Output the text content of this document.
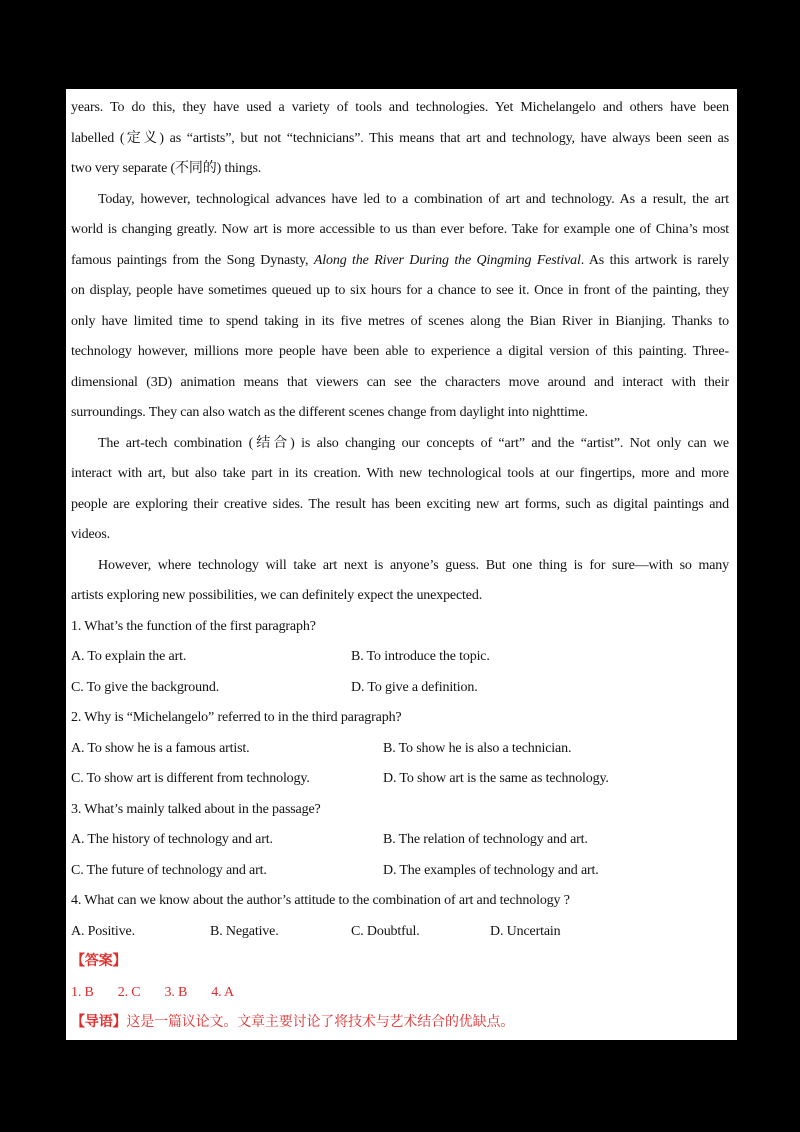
years. To do this, they have used a variety of tools and technologies. Yet Michelangelo and others have been
labelled (定义) as “artists”, but not “technicians”. This means that art and technology, have always been seen as
two very separate (不同的) things.
Today, however, technological advances have led to a combination of art and technology. As a result, the art
world is changing greatly. Now art is more accessible to us than ever before. Take for example one of China’s most
famous paintings from the Song Dynasty, Along the River During the Qingming Festival. As this artwork is rarely
on display, people have sometimes queued up to six hours for a chance to see it. Once in front of the painting, they
only have limited time to spend taking in its five metres of scenes along the Bian River in Bianjing. Thanks to
technology however, millions more people have been able to experience a digital version of this painting. Three-
dimensional (3D) animation means that viewers can see the characters move around and interact with their
surroundings. They can also watch as the different scenes change from daylight into nighttime.
The art-tech combination (结合) is also changing our concepts of “art” and the “artist”. Not only can we
interact with art, but also take part in its creation. With new technological tools at our fingertips, more and more
people are exploring their creative sides. The result has been exciting new art forms, such as digital paintings and
videos.
However, where technology will take art next is anyone’s guess. But one thing is for sure—with so many
artists exploring new possibilities, we can definitely expect the unexpected.
1. What’s the function of the first paragraph?
A. To explain the art.	B. To introduce the topic.
C. To give the background.	D. To give a definition.
2. Why is “Michelangelo” referred to in the third paragraph?
A. To show he is a famous artist.	B. To show he is also a technician.
C. To show art is different from technology.	D. To show art is the same as technology.
3. What’s mainly talked about in the passage?
A. The history of technology and art.	B. The relation of technology and art.
C. The future of technology and art.	D. The examples of technology and art.
4. What can we know about the author’s attitude to the combination of art and technology ?
A. Positive.	B. Negative.	C. Doubtful.	D. Uncertain
【答案】
1. B 2. C 3. B 4. A
【导语】这是一篇议论文。文章主要讨论了将技术与艺术结合的优缺点。
